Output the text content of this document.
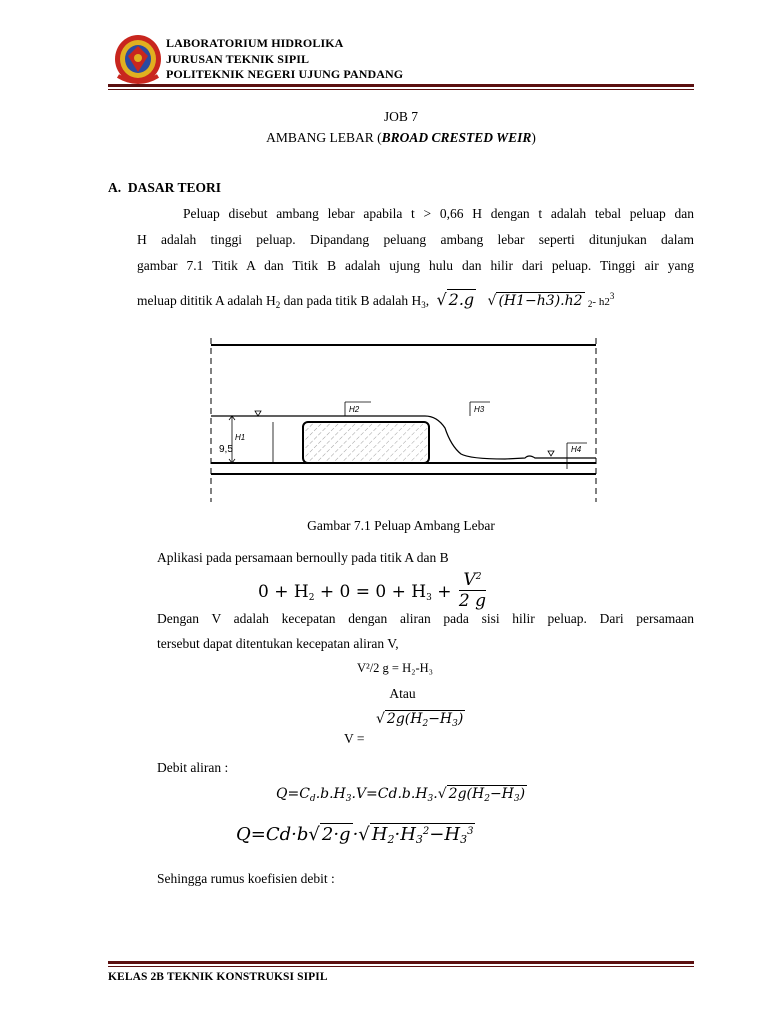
LABORATORIUM HIDROLIKA
JURUSAN TEKNIK SIPIL
POLITEKNIK NEGERI UJUNG PANDANG
JOB 7
AMBANG LEBAR (BROAD CRESTED WEIR)
A.  DASAR TEORI
Peluap disebut ambang lebar apabila t > 0,66 H dengan t adalah tebal peluap dan
H adalah tinggi peluap. Dipandang peluang ambang lebar seperti ditunjukan dalam
gambar 7.1 Titik A dan Titik B adalah ujung hulu dan hilir dari peluap. Tinggi air yang
meluap dititik A adalah $H_2$ dan pada titik B adalah $H_3$, √ 2.g √ (H1−h3).h2 2- $h2^3$
H1
9,5
H2	H3
H4
Gambar 7.1 Peluap Ambang Lebar
Aplikasi pada persamaan bernoully pada titik A dan B
$0 + H_2 + 0 = 0 + H_3 + \frac{V^2}{2 g}$
Dengan V adalah kecepatan dengan aliran pada sisi hilir peluap. Dari persamaan
tersebut dapat ditentukan kecepatan aliran V,
V²/2 g = H₂-H₃
Atau
√ $2g(H_2-H_3)$
V =
Debit aliran :
$Q=C_d.b.H_3.V=Cd.b.H_3.√$ $2g(H_2-H_3)$
Q=Cd·b√ 2·g ·√ $H_2\cdot H_3^2-H_3^3$
Sehingga rumus koefisien debit :
KELAS 2B TEKNIK KONSTRUKSI SIPIL
